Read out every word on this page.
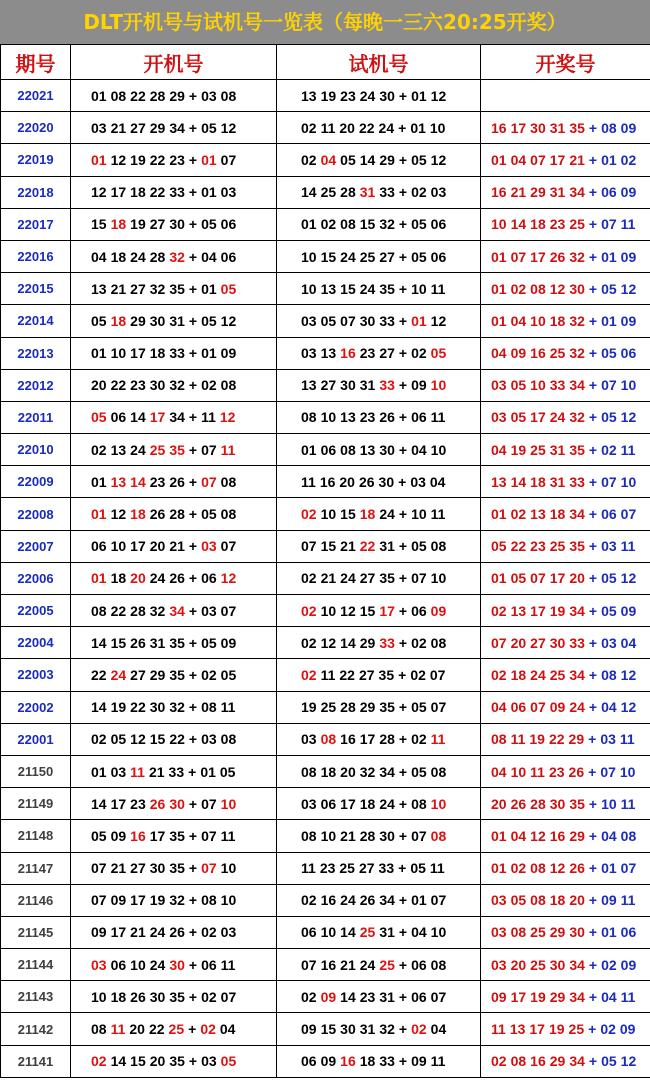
DLT开机号与试机号一览表（每晚一三六20:25开奖）
期号	开机号	试机号	开奖号
22021	01 08 22 28 29 + 03 08	13 19 23 24 30 + 01 12	
22020	03 21 27 29 34 + 05 12	02 11 20 22 24 + 01 10	16 17 30 31 35 + 08 09
22019	01 12 19 22 23 + 01 07	02 04 05 14 29 + 05 12	01 04 07 17 21 + 01 02
22018	12 17 18 22 33 + 01 03	14 25 28 31 33 + 02 03	16 21 29 31 34 + 06 09
22017	15 18 19 27 30 + 05 06	01 02 08 15 32 + 05 06	10 14 18 23 25 + 07 11
22016	04 18 24 28 32 + 04 06	10 15 24 25 27 + 05 06	01 07 17 26 32 + 01 09
22015	13 21 27 32 35 + 01 05	10 13 15 24 35 + 10 11	01 02 08 12 30 + 05 12
22014	05 18 29 30 31 + 05 12	03 05 07 30 33 + 01 12	01 04 10 18 32 + 01 09
22013	01 10 17 18 33 + 01 09	03 13 16 23 27 + 02 05	04 09 16 25 32 + 05 06
22012	20 22 23 30 32 + 02 08	13 27 30 31 33 + 09 10	03 05 10 33 34 + 07 10
22011	05 06 14 17 34 + 11 12	08 10 13 23 26 + 06 11	03 05 17 24 32 + 05 12
22010	02 13 24 25 35 + 07 11	01 06 08 13 30 + 04 10	04 19 25 31 35 + 02 11
22009	01 13 14 23 26 + 07 08	11 16 20 26 30 + 03 04	13 14 18 31 33 + 07 10
22008	01 12 18 26 28 + 05 08	02 10 15 18 24 + 10 11	01 02 13 18 34 + 06 07
22007	06 10 17 20 21 + 03 07	07 15 21 22 31 + 05 08	05 22 23 25 35 + 03 11
22006	01 18 20 24 26 + 06 12	02 21 24 27 35 + 07 10	01 05 07 17 20 + 05 12
22005	08 22 28 32 34 + 03 07	02 10 12 15 17 + 06 09	02 13 17 19 34 + 05 09
22004	14 15 26 31 35 + 05 09	02 12 14 29 33 + 02 08	07 20 27 30 33 + 03 04
22003	22 24 27 29 35 + 02 05	02 11 22 27 35 + 02 07	02 18 24 25 34 + 08 12
22002	14 19 22 30 32 + 08 11	19 25 28 29 35 + 05 07	04 06 07 09 24 + 04 12
22001	02 05 12 15 22 + 03 08	03 08 16 17 28 + 02 11	08 11 19 22 29 + 03 11
21150	01 03 11 21 33 + 01 05	08 18 20 32 34 + 05 08	04 10 11 23 26 + 07 10
21149	14 17 23 26 30 + 07 10	03 06 17 18 24 + 08 10	20 26 28 30 35 + 10 11
21148	05 09 16 17 35 + 07 11	08 10 21 28 30 + 07 08	01 04 12 16 29 + 04 08
21147	07 21 27 30 35 + 07 10	11 23 25 27 33 + 05 11	01 02 08 12 26 + 01 07
21146	07 09 17 19 32 + 08 10	02 16 24 26 34 + 01 07	03 05 08 18 20 + 09 11
21145	09 17 21 24 26 + 02 03	06 10 14 25 31 + 04 10	03 08 25 29 30 + 01 06
21144	03 06 10 24 30 + 06 11	07 16 21 24 25 + 06 08	03 20 25 30 34 + 02 09
21143	10 18 26 30 35 + 02 07	02 09 14 23 31 + 06 07	09 17 19 29 34 + 04 11
21142	08 11 20 22 25 + 02 04	09 15 30 31 32 + 02 04	11 13 17 19 25 + 02 09
21141	02 14 15 20 35 + 03 05	06 09 16 18 33 + 09 11	02 08 16 29 34 + 05 12
